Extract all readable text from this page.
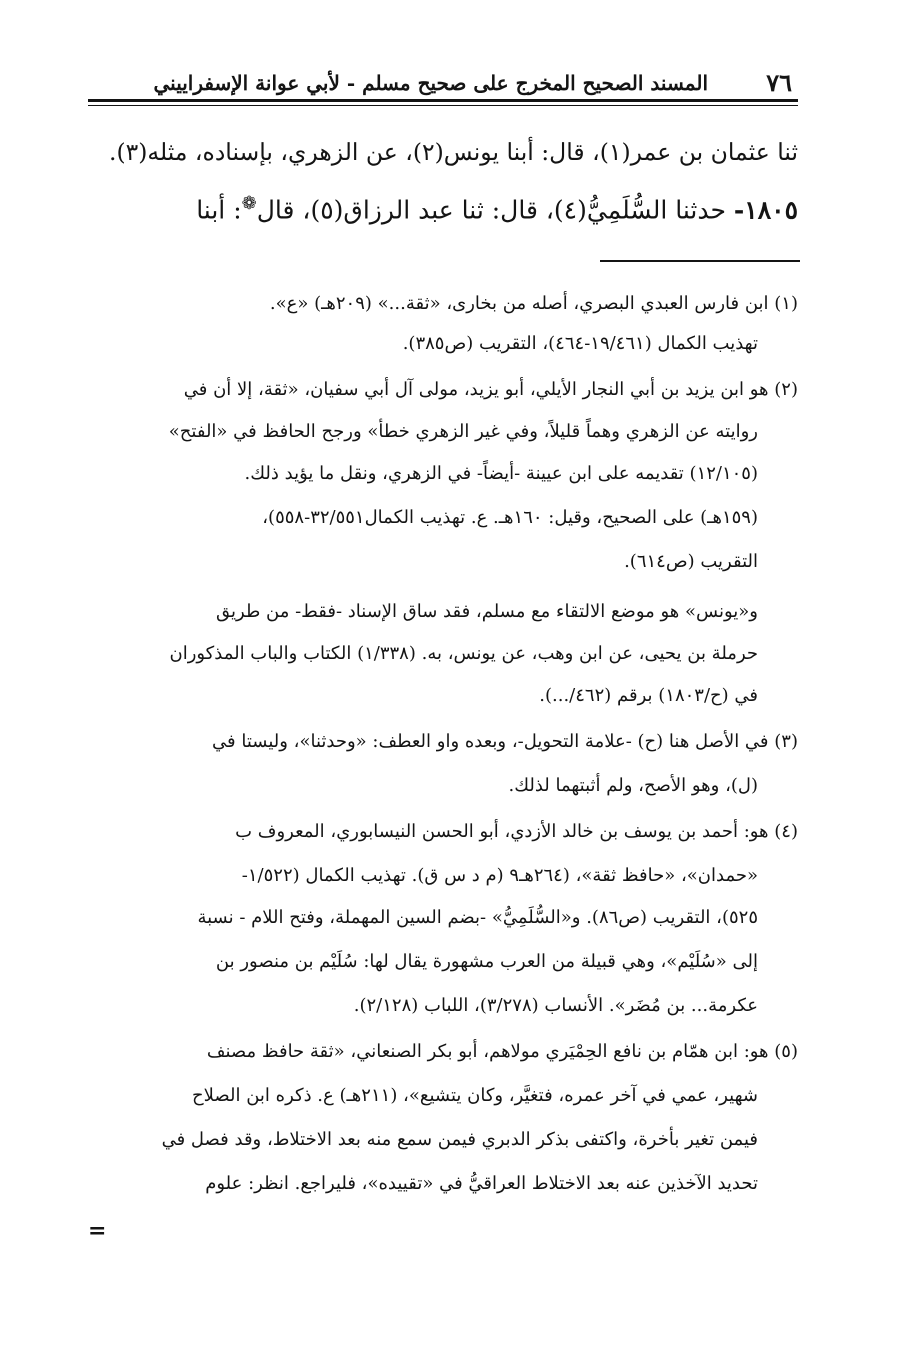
٧٦
المسند الصحيح المخرج على صحيح مسلم - لأبي عوانة الإسفراييني
ثنا عثمان بن عمر(١)، قال: أبنا يونس(٢)، عن الزهري، بإسناده، مثله(٣).
١٨٠٥- حدثنا السُّلَمِيُّ(٤)، قال: ثنا عبد الرزاق(٥)، قال❁: أبنا
(١) ابن فارس العبدي البصري، أصله من بخارى، «ثقة...» (٢٠٩هـ) «ع».
تهذيب الكمال (١٩/٤٦١-٤٦٤)، التقريب (ص٣٨٥).
(٢) هو ابن يزيد بن أبي النجار الأيلي، أبو يزيد، مولى آل أبي سفيان، «ثقة، إلا أن في
روايته عن الزهري وهماً قليلاً، وفي غير الزهري خطأ» ورجح الحافظ في «الفتح»
(١٢/١٠٥) تقديمه على ابن عيينة -أيضاً- في الزهري، ونقل ما يؤيد ذلك.
(١٥٩هـ) على الصحيح، وقيل: ١٦٠هـ. ع. تهذيب الكمال٣٢/٥٥١-٥٥٨)،
التقريب (ص٦١٤).
و«يونس» هو موضع الالتقاء مع مسلم، فقد ساق الإسناد -فقط- من طريق
حرملة بن يحيى، عن ابن وهب، عن يونس، به. (١/٣٣٨) الكتاب والباب المذكوران
في (ح/١٨٠٣) برقم (٤٦٢/...).
(٣) في الأصل هنا (ح) -علامة التحويل-، وبعده واو العطف: «وحدثنا»، وليستا في
(ل)، وهو الأصح، ولم أثبتهما لذلك.
(٤) هو: أحمد بن يوسف بن خالد الأزدي، أبو الحسن النيسابوري، المعروف ب
«حمدان»، «حافظ ثقة»، (٢٦٤هـ٩ (م د س ق). تهذيب الكمال (١/٥٢٢-
٥٢٥)، التقريب (ص٨٦). و«السُّلَمِيُّ» -بضم السين المهملة، وفتح اللام - نسبة
إلى «سُلَيْم»، وهي قبيلة من العرب مشهورة يقال لها: سُلَيْم بن منصور بن
عكرمة... بن مُضَر». الأنساب (٣/٢٧٨)، اللباب (٢/١٢٨).
(٥) هو: ابن همّام بن نافع الحِمْيَري مولاهم، أبو بكر الصنعاني، «ثقة حافظ مصنف
شهير، عمي في آخر عمره، فتغيَّر، وكان يتشيع»، (٢١١هـ) ع. ذكره ابن الصلاح
فيمن تغير بأخرة، واكتفى بذكر الدبري فيمن سمع منه بعد الاختلاط، وقد فصل في
تحديد الآخذين عنه بعد الاختلاط العراقيُّ في «تقييده»، فليراجع. انظر: علوم
=
